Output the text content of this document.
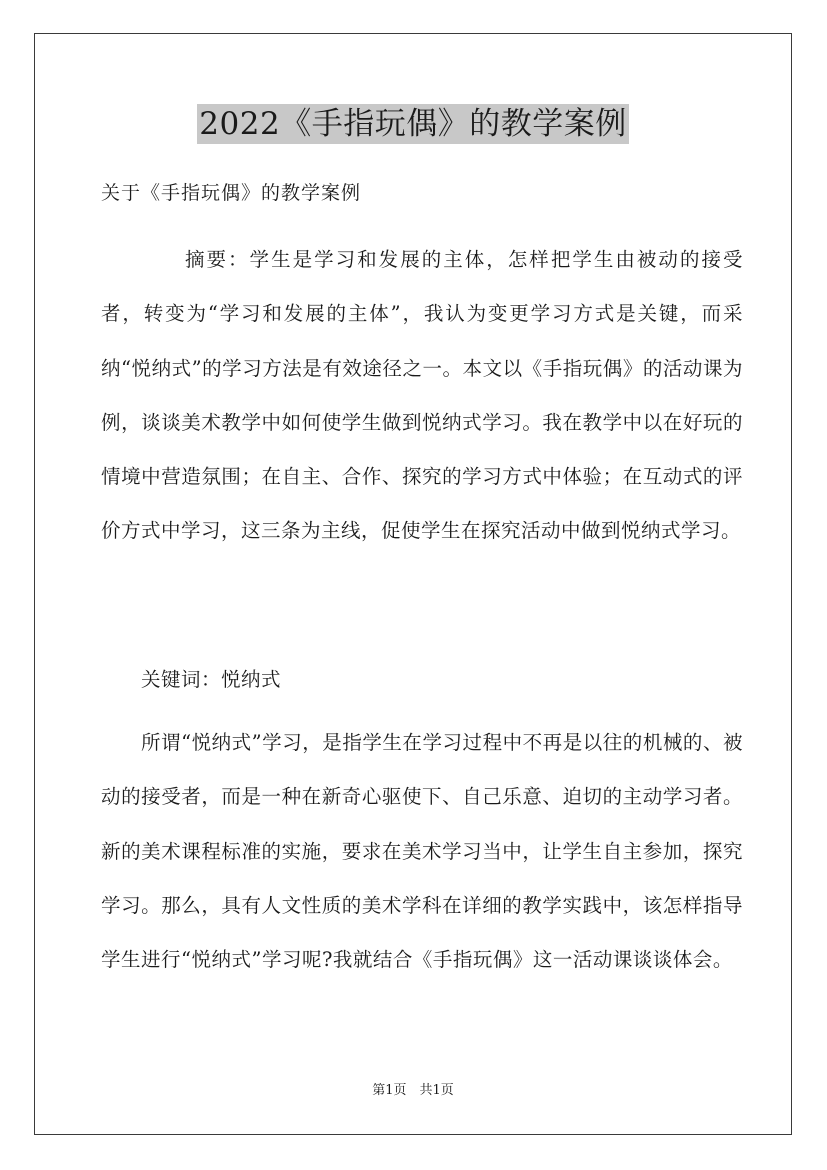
2022《手指玩偶》的教学案例
关于《手指玩偶》的教学案例

摘要：学生是学习和发展的主体，怎样把学生由被动的接受者，转变为“学习和发展的主体”，我认为变更学习方式是关键，而采纳“悦纳式”的学习方法是有效途径之一。本文以《手指玩偶》的活动课为例，谈谈美术教学中如何使学生做到悦纳式学习。我在教学中以在好玩的情境中营造氛围；在自主、合作、探究的学习方式中体验；在互动式的评价方式中学习，这三条为主线，促使学生在探究活动中做到悦纳式学习。

关键词：悦纳式

所谓“悦纳式”学习，是指学生在学习过程中不再是以往的机械的、被动的接受者，而是一种在新奇心驱使下、自己乐意、迫切的主动学习者。新的美术课程标准的实施，要求在美术学习当中，让学生自主参加，探究学习。那么，具有人文性质的美术学科在详细的教学实践中，该怎样指导学生进行“悦纳式”学习呢?我就结合《手指玩偶》这一活动课谈谈体会。

第1页　共1页
